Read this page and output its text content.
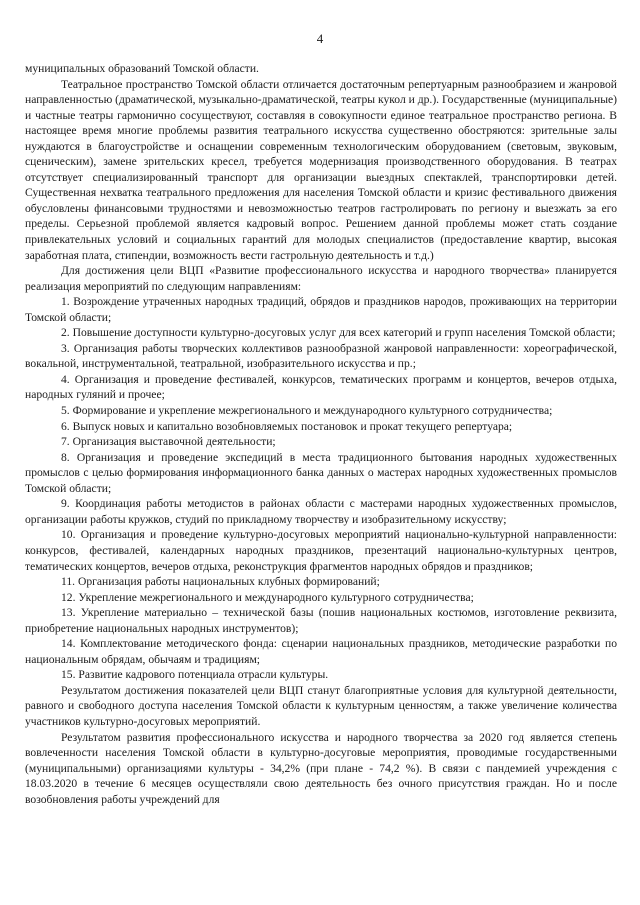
4

муниципальных образований Томской области.

Театральное пространство Томской области отличается достаточным репертуарным разнообразием и жанровой направленностью (драматической, музыкально-драматической, театры кукол и др.). Государственные (муниципальные) и частные театры гармонично сосуществуют, составляя в совокупности единое театральное пространство региона. В настоящее время многие проблемы развития театрального искусства существенно обостряются: зрительные залы нуждаются в благоустройстве и оснащении современным технологическим оборудованием (световым, звуковым, сценическим), замене зрительских кресел, требуется модернизация производственного оборудования. В театрах отсутствует специализированный транспорт для организации выездных спектаклей, транспортировки детей. Существенная нехватка театрального предложения для населения Томской области и кризис фестивального движения обусловлены финансовыми трудностями и невозможностью театров гастролировать по региону и выезжать за его пределы. Серьезной проблемой является кадровый вопрос. Решением данной проблемы может стать создание привлекательных условий и социальных гарантий для молодых специалистов (предоставление квартир, высокая заработная плата, стипендии, возможность вести гастрольную деятельность и т.д.)

Для достижения цели ВЦП «Развитие профессионального искусства и народного творчества» планируется реализация мероприятий по следующим направлениям:

1. Возрождение утраченных народных традиций, обрядов и праздников народов, проживающих на территории Томской области;

2. Повышение доступности культурно-досуговых услуг для всех категорий и групп населения Томской области;

3. Организация работы творческих коллективов разнообразной жанровой направленности: хореографической, вокальной, инструментальной, театральной, изобразительного искусства и пр.;

4. Организация и проведение фестивалей, конкурсов, тематических программ и концертов, вечеров отдыха, народных гуляний и прочее;

5. Формирование и укрепление межрегионального и международного культурного сотрудничества;

6. Выпуск новых и капитально возобновляемых постановок и прокат текущего репертуара;

7. Организация выставочной деятельности;

8. Организация и проведение экспедиций в места традиционного бытования народных художественных промыслов с целью формирования информационного банка данных о мастерах народных художественных промыслов Томской области;

9. Координация работы методистов в районах области с мастерами народных художественных промыслов, организации работы кружков, студий по прикладному творчеству и изобразительному искусству;

10. Организация и проведение культурно-досуговых мероприятий национально-культурной направленности: конкурсов, фестивалей, календарных народных праздников, презентаций национально-культурных центров, тематических концертов, вечеров отдыха, реконструкция фрагментов народных обрядов и праздников;

11. Организация работы национальных клубных формирований;

12. Укрепление межрегионального и международного культурного сотрудничества;

13. Укрепление материально – технической базы (пошив национальных костюмов, изготовление реквизита, приобретение национальных народных инструментов);

14. Комплектование методического фонда: сценарии национальных праздников, методические разработки по национальным обрядам, обычаям и традициям;

15. Развитие кадрового потенциала отрасли культуры.

Результатом достижения показателей цели ВЦП станут благоприятные условия для культурной деятельности, равного и свободного доступа населения Томской области к культурным ценностям, а также увеличение количества участников культурно-досуговых мероприятий.

Результатом развития профессионального искусства и народного творчества за 2020 год является степень вовлеченности населения Томской области в культурно-досуговые мероприятия, проводимые государственными (муниципальными) организациями культуры - 34,2% (при плане - 74,2 %). В связи с пандемией учреждения с 18.03.2020 в течение 6 месяцев осуществляли свою деятельность без очного присутствия граждан. Но и после возобновления работы учреждений для
